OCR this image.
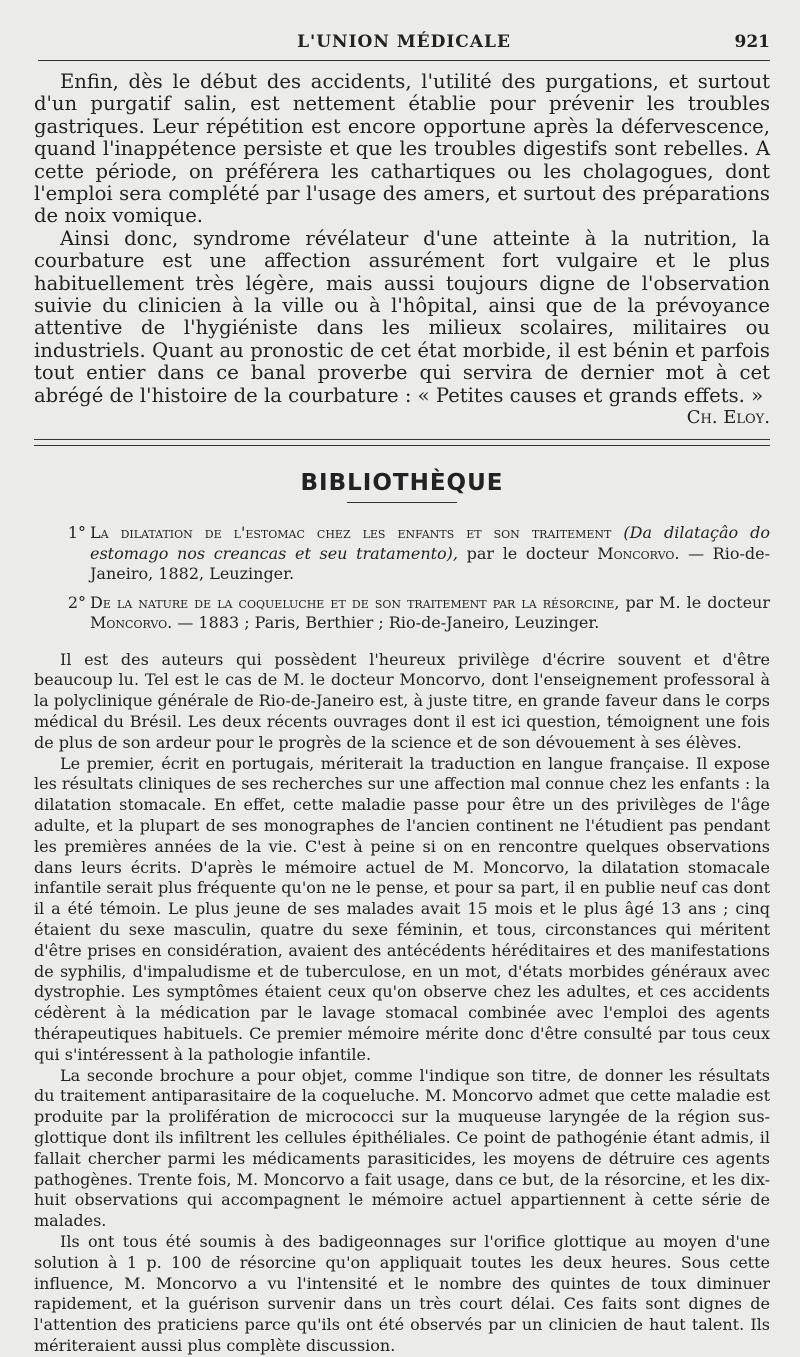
L'UNION MÉDICALE	921

Enfin, dès le début des accidents, l'utilité des purgations, et surtout d'un purgatif salin, est nettement établie pour prévenir les troubles gastriques. Leur répétition est encore opportune après la défervescence, quand l'inappétence persiste et que les troubles digestifs sont rebelles. A cette période, on préférera les cathartiques ou les cholagogues, dont l'emploi sera complété par l'usage des amers, et surtout des préparations de noix vomique.

Ainsi donc, syndrome révélateur d'une atteinte à la nutrition, la courbature est une affection assurément fort vulgaire et le plus habituellement très légère, mais aussi toujours digne de l'observation suivie du clinicien à la ville ou à l'hôpital, ainsi que de la prévoyance attentive de l'hygiéniste dans les milieux scolaires, militaires ou industriels. Quant au pronostic de cet état morbide, il est bénin et parfois tout entier dans ce banal proverbe qui servira de dernier mot à cet abrégé de l'histoire de la courbature : « Petites causes et grands effets. »

Ch. Eloy.
BIBLIOTHÈQUE
1° La dilatation de l'estomac chez les enfants et son traitement (Da dilataçâo do estomago nos creancas et seu tratamento), par le docteur Moncorvo. — Rio-de-Janeiro, 1882, Leuzinger.
2° De la nature de la coqueluche et de son traitement par la résorcine, par M. le docteur Moncorvo. — 1883 ; Paris, Berthier ; Rio-de-Janeiro, Leuzinger.

Il est des auteurs qui possèdent l'heureux privilège d'écrire souvent et d'être beaucoup lu. Tel est le cas de M. le docteur Moncorvo, dont l'enseignement professoral à la polyclinique générale de Rio-de-Janeiro est, à juste titre, en grande faveur dans le corps médical du Brésil. Les deux récents ouvrages dont il est ici question, témoignent une fois de plus de son ardeur pour le progrès de la science et de son dévouement à ses élèves.

Le premier, écrit en portugais, mériterait la traduction en langue française. Il expose les résultats cliniques de ses recherches sur une affection mal connue chez les enfants : la dilatation stomacale. En effet, cette maladie passe pour être un des privilèges de l'âge adulte, et la plupart de ses monographes de l'ancien continent ne l'étudient pas pendant les premières années de la vie. C'est à peine si on en rencontre quelques observations dans leurs écrits. D'après le mémoire actuel de M. Moncorvo, la dilatation stomacale infantile serait plus fréquente qu'on ne le pense, et pour sa part, il en publie neuf cas dont il a été témoin. Le plus jeune de ses malades avait 15 mois et le plus âgé 13 ans ; cinq étaient du sexe masculin, quatre du sexe féminin, et tous, circonstances qui méritent d'être prises en considération, avaient des antécédents héréditaires et des manifestations de syphilis, d'impaludisme et de tuberculose, en un mot, d'états morbides généraux avec dystrophie. Les symptômes étaient ceux qu'on observe chez les adultes, et ces accidents cédèrent à la médication par le lavage stomacal combinée avec l'emploi des agents thérapeutiques habituels. Ce premier mémoire mérite donc d'être consulté par tous ceux qui s'intéressent à la pathologie infantile.

La seconde brochure a pour objet, comme l'indique son titre, de donner les résultats du traitement antiparasitaire de la coqueluche. M. Moncorvo admet que cette maladie est produite par la prolifération de micrococci sur la muqueuse laryngée de la région sus-glottique dont ils infiltrent les cellules épithéliales. Ce point de pathogénie étant admis, il fallait chercher parmi les médicaments parasiticides, les moyens de détruire ces agents pathogènes. Trente fois, M. Moncorvo a fait usage, dans ce but, de la résorcine, et les dix-huit observations qui accompagnent le mémoire actuel appartiennent à cette série de malades.

Ils ont tous été soumis à des badigeonnages sur l'orifice glottique au moyen d'une solution à 1 p. 100 de résorcine qu'on appliquait toutes les deux heures. Sous cette influence, M. Moncorvo a vu l'intensité et le nombre des quintes de toux diminuer rapidement, et la guérison survenir dans un très court délai. Ces faits sont dignes de l'attention des praticiens parce qu'ils ont été observés par un clinicien de haut talent. Ils mériteraient aussi plus complète discussion.
